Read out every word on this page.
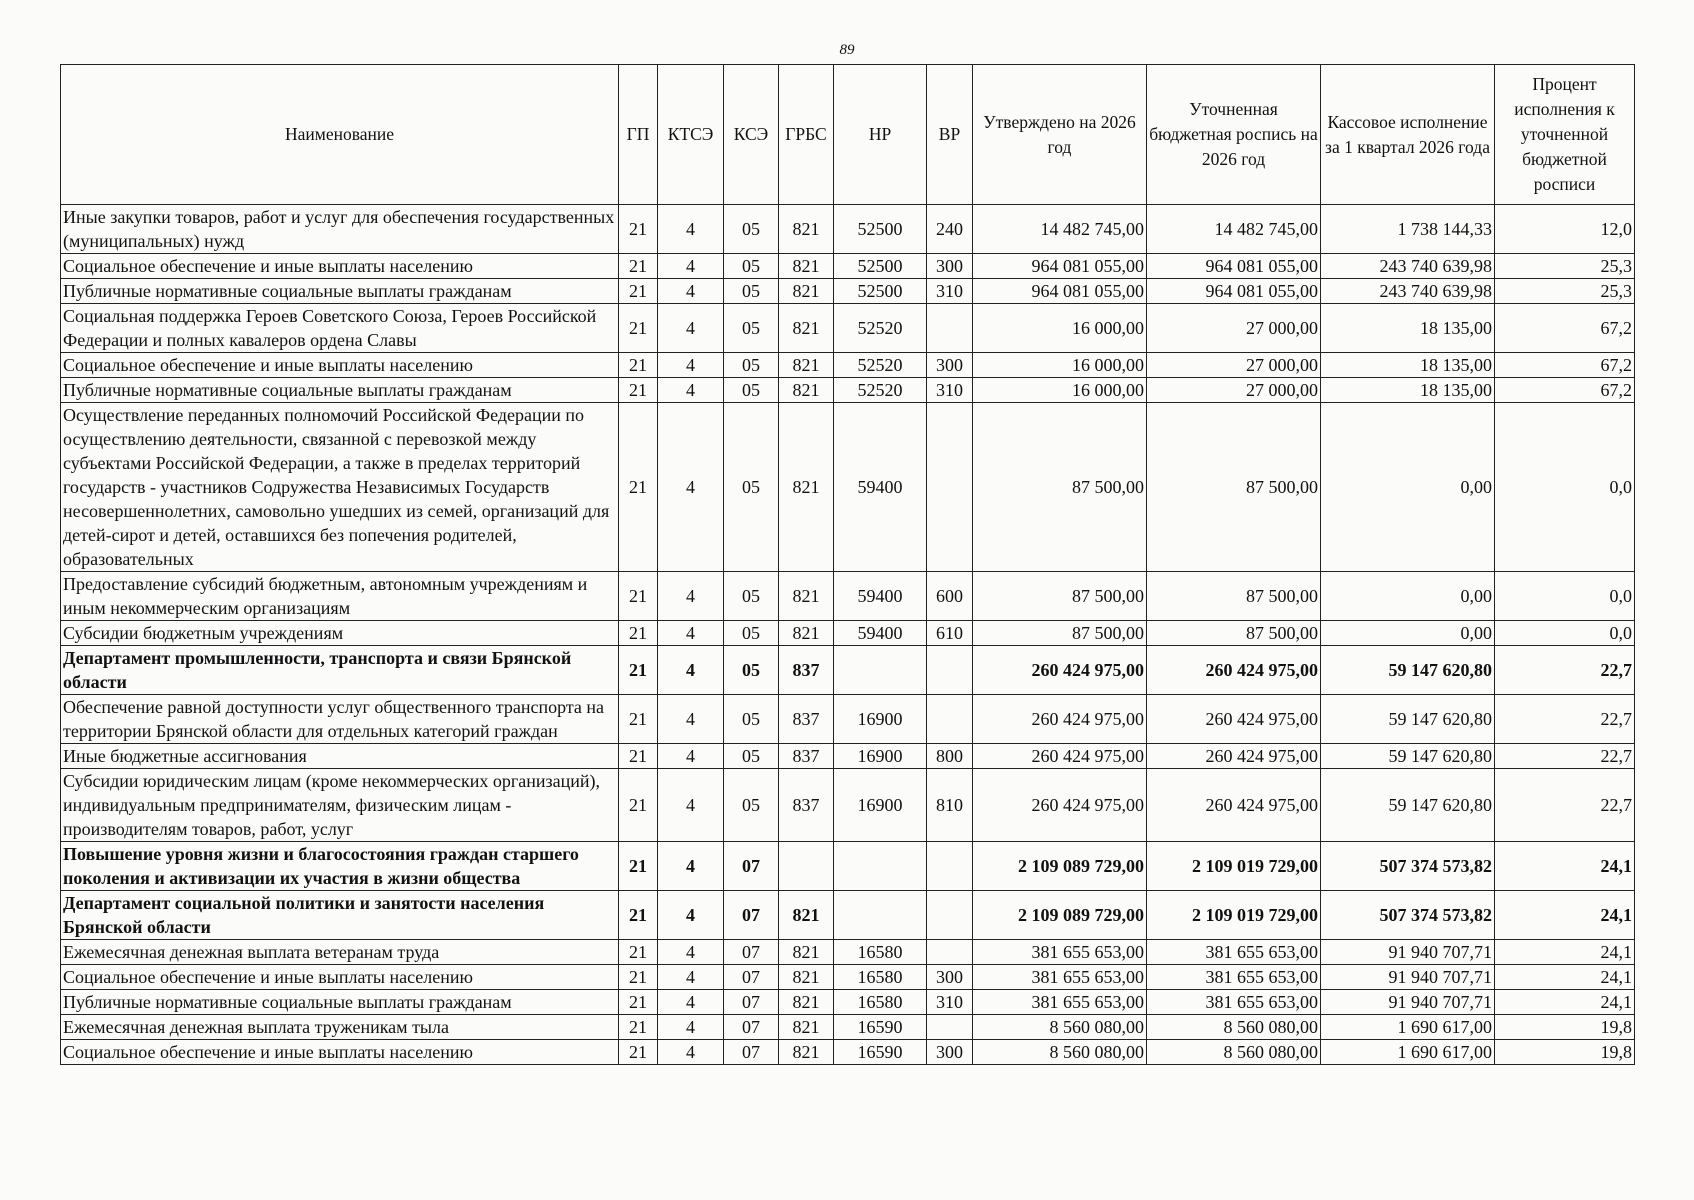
89
Наименование	ГП	КТСЭ	КСЭ	ГРБС	НР	ВР	Утверждено на 2026 год	Уточненная бюджетная роспись на 2026 год	Кассовое исполнение за 1 квартал 2026 года	Процент исполнения к уточненной бюджетной росписи
Иные закупки товаров, работ и услуг для обеспечения государственных (муниципальных) нужд	21	4	05	821	52500	240	14 482 745,00	14 482 745,00	1 738 144,33	12,0
Социальное обеспечение и иные выплаты населению	21	4	05	821	52500	300	964 081 055,00	964 081 055,00	243 740 639,98	25,3
Публичные нормативные социальные выплаты гражданам	21	4	05	821	52500	310	964 081 055,00	964 081 055,00	243 740 639,98	25,3
Социальная поддержка Героев Советского Союза, Героев Российской Федерации и полных кавалеров ордена Славы	21	4	05	821	52520		16 000,00	27 000,00	18 135,00	67,2
Социальное обеспечение и иные выплаты населению	21	4	05	821	52520	300	16 000,00	27 000,00	18 135,00	67,2
Публичные нормативные социальные выплаты гражданам	21	4	05	821	52520	310	16 000,00	27 000,00	18 135,00	67,2
Осуществление переданных полномочий Российской Федерации по осуществлению деятельности, связанной с перевозкой между субъектами Российской Федерации, а также в пределах территорий государств - участников Содружества Независимых Государств несовершеннолетних, самовольно ушедших из семей, организаций для детей-сирот и детей, оставшихся без попечения родителей, образовательных	21	4	05	821	59400		87 500,00	87 500,00	0,00	0,0
Предоставление субсидий бюджетным, автономным учреждениям и иным некоммерческим организациям	21	4	05	821	59400	600	87 500,00	87 500,00	0,00	0,0
Субсидии бюджетным учреждениям	21	4	05	821	59400	610	87 500,00	87 500,00	0,00	0,0
Департамент промышленности, транспорта и связи Брянской области	21	4	05	837			260 424 975,00	260 424 975,00	59 147 620,80	22,7
Обеспечение равной доступности услуг общественного транспорта на территории Брянской области для отдельных категорий граждан	21	4	05	837	16900		260 424 975,00	260 424 975,00	59 147 620,80	22,7
Иные бюджетные ассигнования	21	4	05	837	16900	800	260 424 975,00	260 424 975,00	59 147 620,80	22,7
Субсидии юридическим лицам (кроме некоммерческих организаций), индивидуальным предпринимателям, физическим лицам - производителям товаров, работ, услуг	21	4	05	837	16900	810	260 424 975,00	260 424 975,00	59 147 620,80	22,7
Повышение уровня жизни и благосостояния граждан старшего поколения и активизации их участия в жизни общества	21	4	07				2 109 089 729,00	2 109 019 729,00	507 374 573,82	24,1
Департамент социальной политики и занятости населения Брянской области	21	4	07	821			2 109 089 729,00	2 109 019 729,00	507 374 573,82	24,1
Ежемесячная денежная выплата ветеранам труда	21	4	07	821	16580		381 655 653,00	381 655 653,00	91 940 707,71	24,1
Социальное обеспечение и иные выплаты населению	21	4	07	821	16580	300	381 655 653,00	381 655 653,00	91 940 707,71	24,1
Публичные нормативные социальные выплаты гражданам	21	4	07	821	16580	310	381 655 653,00	381 655 653,00	91 940 707,71	24,1
Ежемесячная денежная выплата труженикам тыла	21	4	07	821	16590		8 560 080,00	8 560 080,00	1 690 617,00	19,8
Социальное обеспечение и иные выплаты населению	21	4	07	821	16590	300	8 560 080,00	8 560 080,00	1 690 617,00	19,8
